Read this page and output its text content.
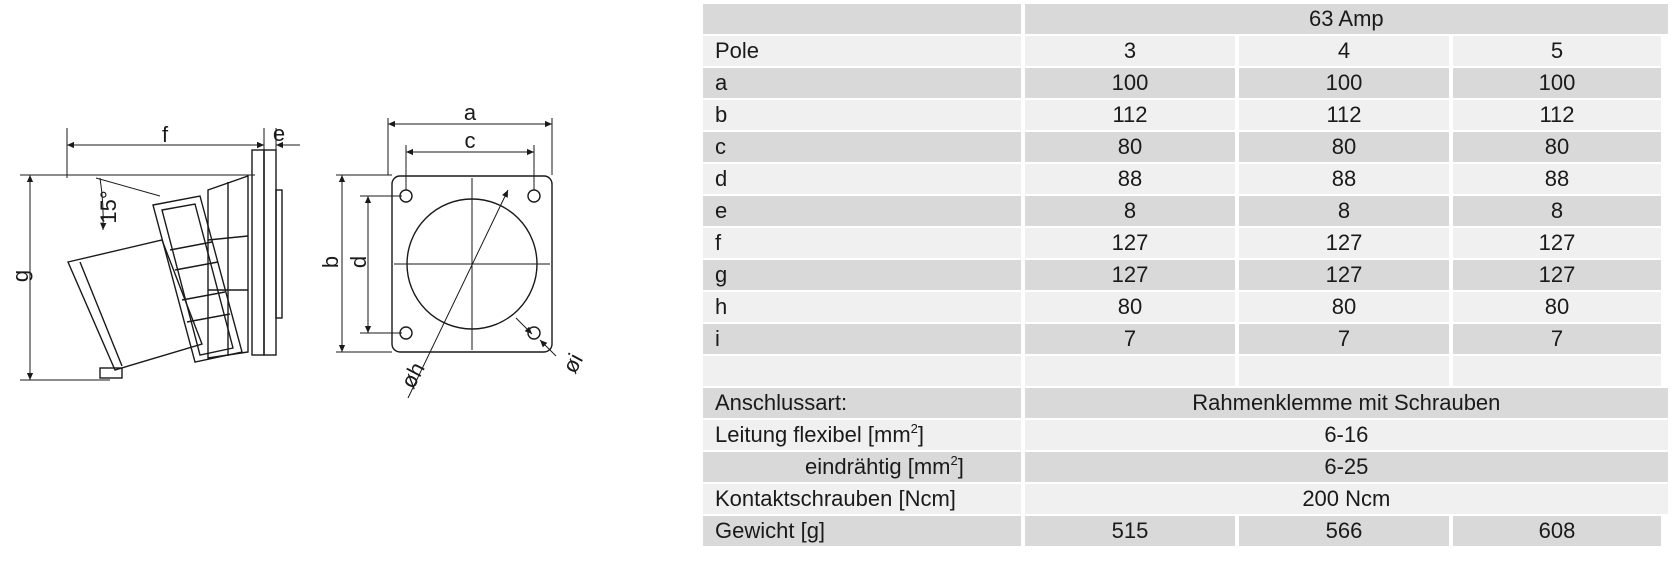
f	e
g
15°
a
c
b d
øh	øi
63 Amp
Pole	3	4	5
a	100	100	100
b	112	112	112
c	80	80	80
d	88	88	88
e	8	8	8
f	127	127	127
g	127	127	127
h	80	80	80
i	7	7	7
Anschlussart:	Rahmenklemme mit Schrauben
Leitung flexibel $[mm^2]$	6-16
eindrähtig $[mm^2]$	6-25
Kontaktschrauben [Ncm]	200 Ncm
Gewicht [g]	515	566	608
